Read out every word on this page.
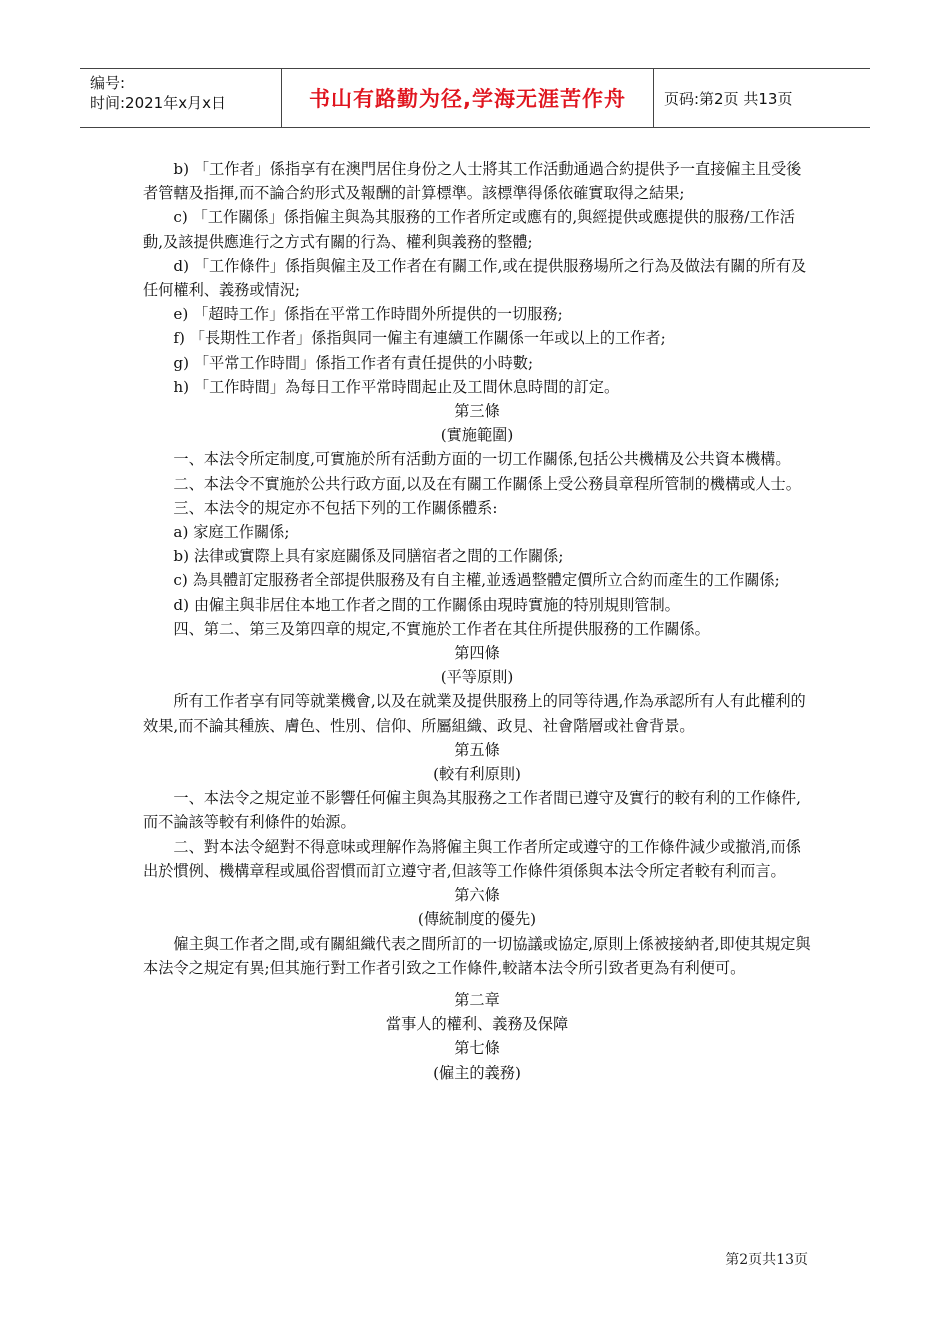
编号:
时间:2021年x月x日	书山有路勤为径,学海无涯苦作舟	页码:第2页 共13页

b) 「工作者」係指享有在澳門居住身份之人士將其工作活動通過合約提供予一直接僱主且受後者管轄及指揮,而不論合約形式及報酬的計算標準。該標準得係依確實取得之結果;

c) 「工作關係」係指僱主與為其服務的工作者所定或應有的,與經提供或應提供的服務/工作活動,及該提供應進行之方式有關的行為、權利與義務的整體;

d) 「工作條件」係指與僱主及工作者在有關工作,或在提供服務場所之行為及做法有關的所有及任何權利、義務或情況;

e) 「超時工作」係指在平常工作時間外所提供的一切服務;

f) 「長期性工作者」係指與同一僱主有連續工作關係一年或以上的工作者;

g) 「平常工作時間」係指工作者有責任提供的小時數;

h) 「工作時間」為每日工作平常時間起止及工間休息時間的訂定。

第三條

(實施範圍)

一、本法令所定制度,可實施於所有活動方面的一切工作關係,包括公共機構及公共資本機構。

二、本法令不實施於公共行政方面,以及在有關工作關係上受公務員章程所管制的機構或人士。

三、本法令的規定亦不包括下列的工作關係體系:

a) 家庭工作關係;

b) 法律或實際上具有家庭關係及同膳宿者之間的工作關係;

c) 為具體訂定服務者全部提供服務及有自主權,並透過整體定價所立合約而產生的工作關係;

d) 由僱主與非居住本地工作者之間的工作關係由現時實施的特別規則管制。

四、第二、第三及第四章的規定,不實施於工作者在其住所提供服務的工作關係。

第四條

(平等原則)

所有工作者享有同等就業機會,以及在就業及提供服務上的同等待遇,作為承認所有人有此權利的效果,而不論其種族、膚色、性別、信仰、所屬組織、政見、社會階層或社會背景。

第五條

(較有利原則)

一、本法令之規定並不影響任何僱主與為其服務之工作者間已遵守及實行的較有利的工作條件,而不論該等較有利條件的始源。

二、對本法令絕對不得意味或理解作為將僱主與工作者所定或遵守的工作條件減少或撤消,而係出於慣例、機構章程或風俗習慣而訂立遵守者,但該等工作條件須係與本法令所定者較有利而言。

第六條

(傳統制度的優先)

僱主與工作者之間,或有關組織代表之間所訂的一切協議或協定,原則上係被接納者,即使其規定與本法令之規定有異;但其施行對工作者引致之工作條件,較諸本法令所引致者更為有利便可。

第二章

當事人的權利、義務及保障

第七條

(僱主的義務)

第2页共13页
